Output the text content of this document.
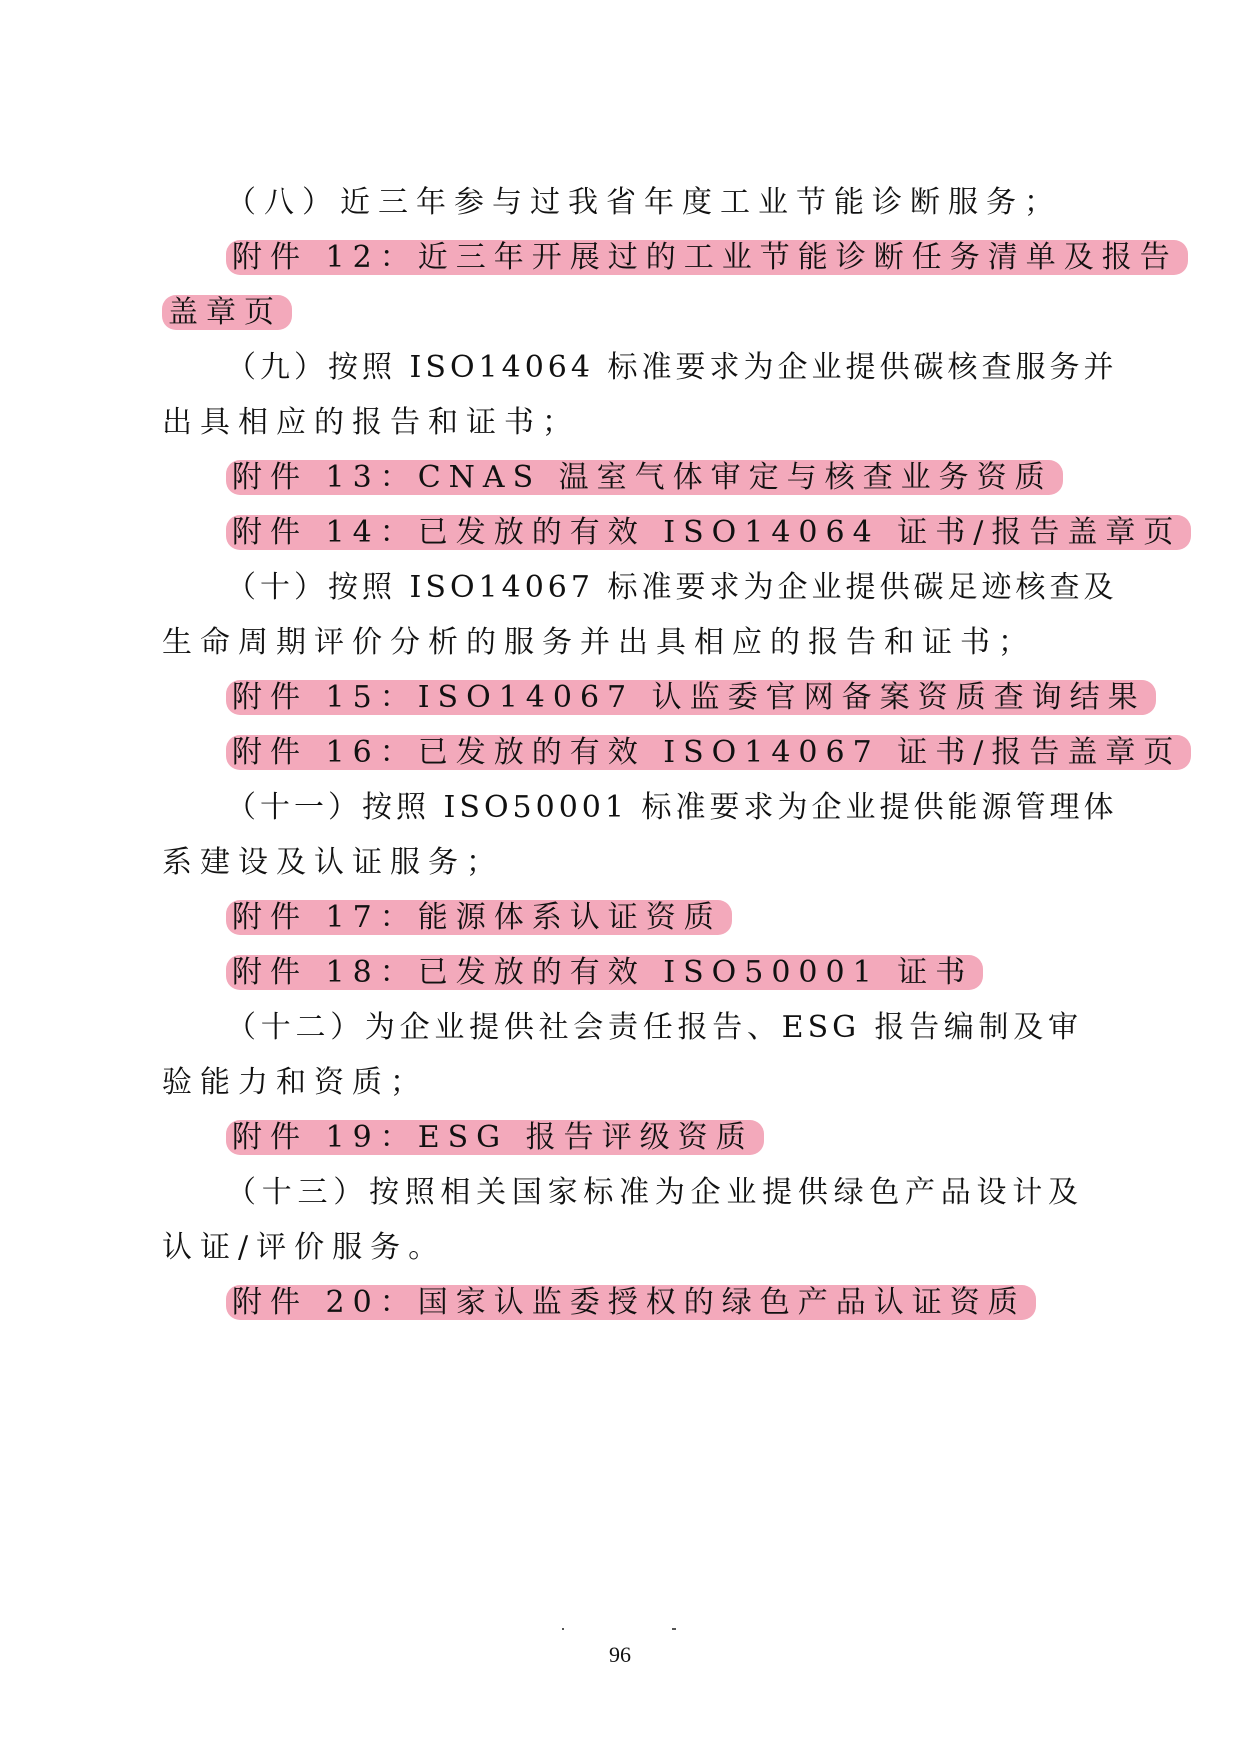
（八）近三年参与过我省年度工业节能诊断服务；
附件 12：近三年开展过的工业节能诊断任务清单及报告
盖章页
（九）按照 ISO14064 标准要求为企业提供碳核查服务并
出具相应的报告和证书；
附件 13：CNAS 温室气体审定与核查业务资质
附件 14：已发放的有效 ISO14064 证书/报告盖章页
（十）按照 ISO14067 标准要求为企业提供碳足迹核查及
生命周期评价分析的服务并出具相应的报告和证书；
附件 15：ISO14067 认监委官网备案资质查询结果
附件 16：已发放的有效 ISO14067 证书/报告盖章页
（十一）按照 ISO50001 标准要求为企业提供能源管理体
系建设及认证服务；
附件 17：能源体系认证资质
附件 18：已发放的有效 ISO50001 证书
（十二）为企业提供社会责任报告、ESG 报告编制及审
验能力和资质；
附件 19：ESG 报告评级资质
（十三）按照相关国家标准为企业提供绿色产品设计及
认证/评价服务。
附件 20：国家认监委授权的绿色产品认证资质
96
